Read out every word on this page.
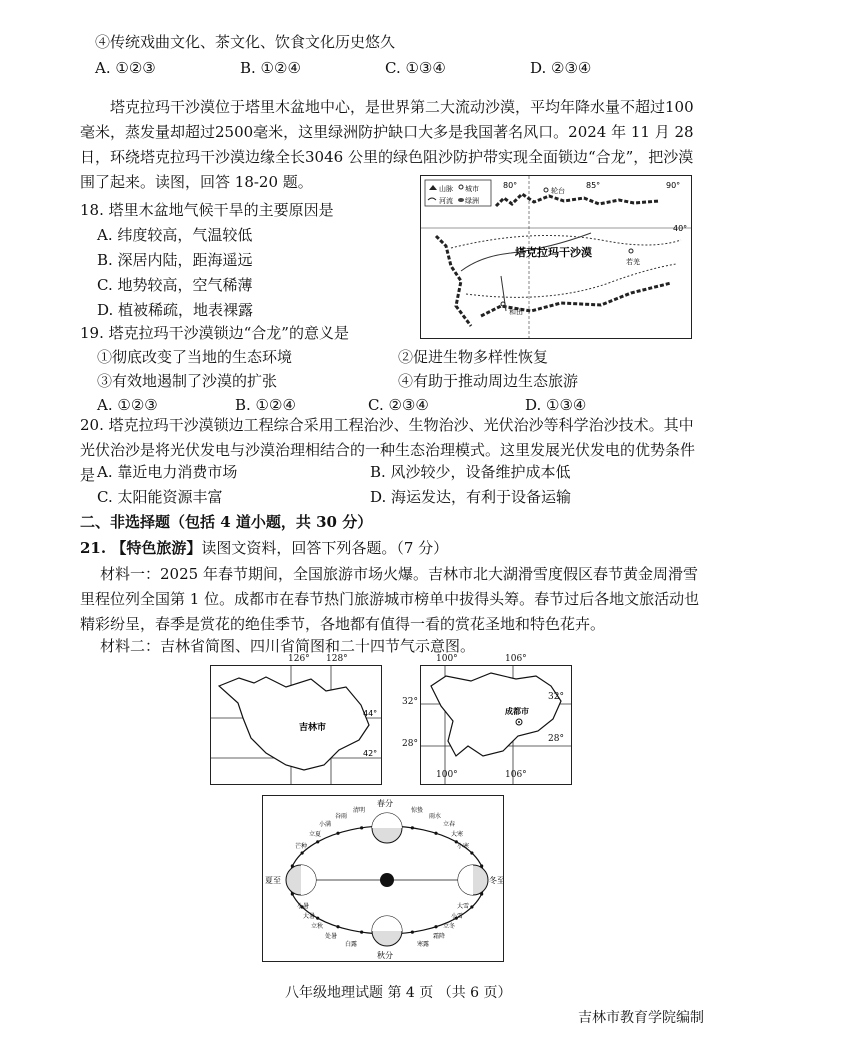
④传统戏曲文化、茶文化、饮食文化历史悠久
A. ①②③	B. ①②④	C. ①③④	D. ②③④
塔克拉玛干沙漠位于塔里木盆地中心，是世界第二大流动沙漠，平均年降水量不超过100毫米，蒸发量却超过2500毫米，这里绿洲防护缺口大多是我国著名风口。2024 年 11 月 28 日，环绕塔克拉玛干沙漠边缘全长3046 公里的绿色阻沙防护带实现全面锁边“合龙”，把沙漠围了起来。读图，回答 18-20 题。	山脉 城市
河流 绿洲
90°
80°	85°
40°
塔克拉玛干沙漠
轮台
若羌
和田
18. 塔里木盆地气候干旱的主要原因是
A. 纬度较高，气温较低
B. 深居内陆，距海遥远
C. 地势较高，空气稀薄
D. 植被稀疏，地表裸露
19. 塔克拉玛干沙漠锁边“合龙”的意义是
①彻底改变了当地的生态环境	②促进生物多样性恢复
③有效地遏制了沙漠的扩张	④有助于推动周边生态旅游
A. ①②③	B. ①②④	C. ②③④	D. ①③④
20. 塔克拉玛干沙漠锁边工程综合采用工程治沙、生物治沙、光伏治沙等科学治沙技术。其中光伏治沙是将光伏发电与沙漠治理相结合的一种生态治理模式。这里发展光伏发电的优势条件是 A. 靠近电力消费市场	B. 风沙较少，设备维护成本低
C. 太阳能资源丰富	D. 海运发达，有利于设备运输
二、非选择题（包括 4 道小题，共 30 分）
21. 【特色旅游】读图文资料，回答下列各题。（7 分）
材料一：2025 年春节期间，全国旅游市场火爆。吉林市北大湖滑雪度假区春节黄金周滑雪里程位列全国第 1 位。成都市在春节热门旅游城市榜单中拔得头筹。春节过后各地文旅活动也精彩纷呈，春季是赏花的绝佳季节，各地都有值得一看的赏花圣地和特色花卉。
材料二：吉林省简图、四川省简图和二十四节气示意图。
44°
42°
吉林市
126° 128°
成都市
100°	106°
100°	106°
32°
28°
32°
28°
春分
秋分
夏至	冬至
谷雨
清明	惊蛰
雨水
立春
大寒
小寒
小满
立夏
芒种
小暑
大暑
立秋
处暑
白露	寒露
霜降
立冬
小雪
大雪
八年级地理试题 第 4 页 （共 6 页）
吉林市教育学院编制
